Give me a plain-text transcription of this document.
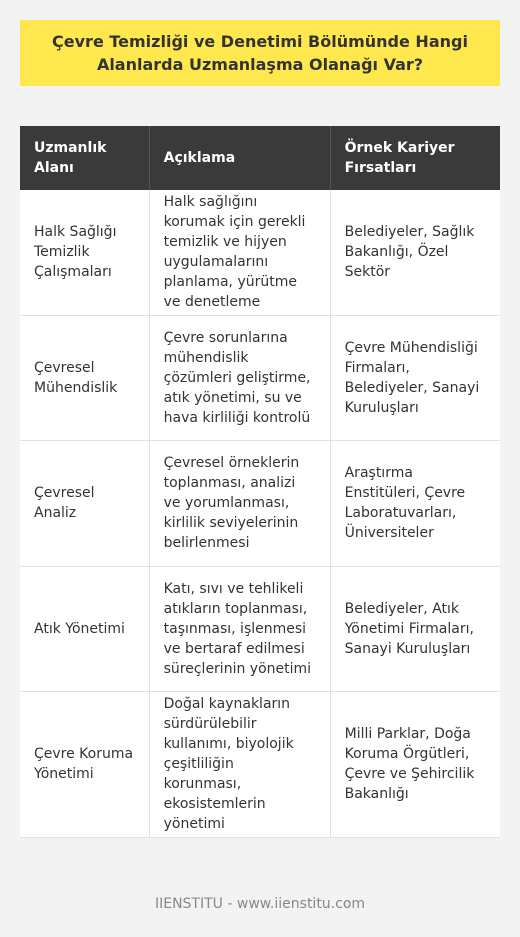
Çevre Temizliği ve Denetimi Bölümünde Hangi Alanlarda Uzmanlaşma Olanağı Var?
Uzmanlık Alanı	Açıklama	Örnek Kariyer Fırsatları
Halk Sağlığı Temizlik Çalışmaları	Halk sağlığını korumak için gerekli temizlik ve hijyen uygulamalarını planlama, yürütme ve denetleme	Belediyeler, Sağlık Bakanlığı, Özel Sektör
Çevresel Mühendislik	Çevre sorunlarına mühendislik çözümleri geliştirme, atık yönetimi, su ve hava kirliliği kontrolü	Çevre Mühendisliği Firmaları, Belediyeler, Sanayi Kuruluşları
Çevresel Analiz	Çevresel örneklerin toplanması, analizi ve yorumlanması, kirlilik seviyelerinin belirlenmesi	Araştırma Enstitüleri, Çevre Laboratuvarları, Üniversiteler
Atık Yönetimi	Katı, sıvı ve tehlikeli atıkların toplanması, taşınması, işlenmesi ve bertaraf edilmesi süreçlerinin yönetimi	Belediyeler, Atık Yönetimi Firmaları, Sanayi Kuruluşları
Çevre Koruma Yönetimi	Doğal kaynakların sürdürülebilir kullanımı, biyolojik çeşitliliğin korunması, ekosistemlerin yönetimi	Milli Parklar, Doğa Koruma Örgütleri, Çevre ve Şehircilik Bakanlığı
IIENSTITU - www.iienstitu.com
